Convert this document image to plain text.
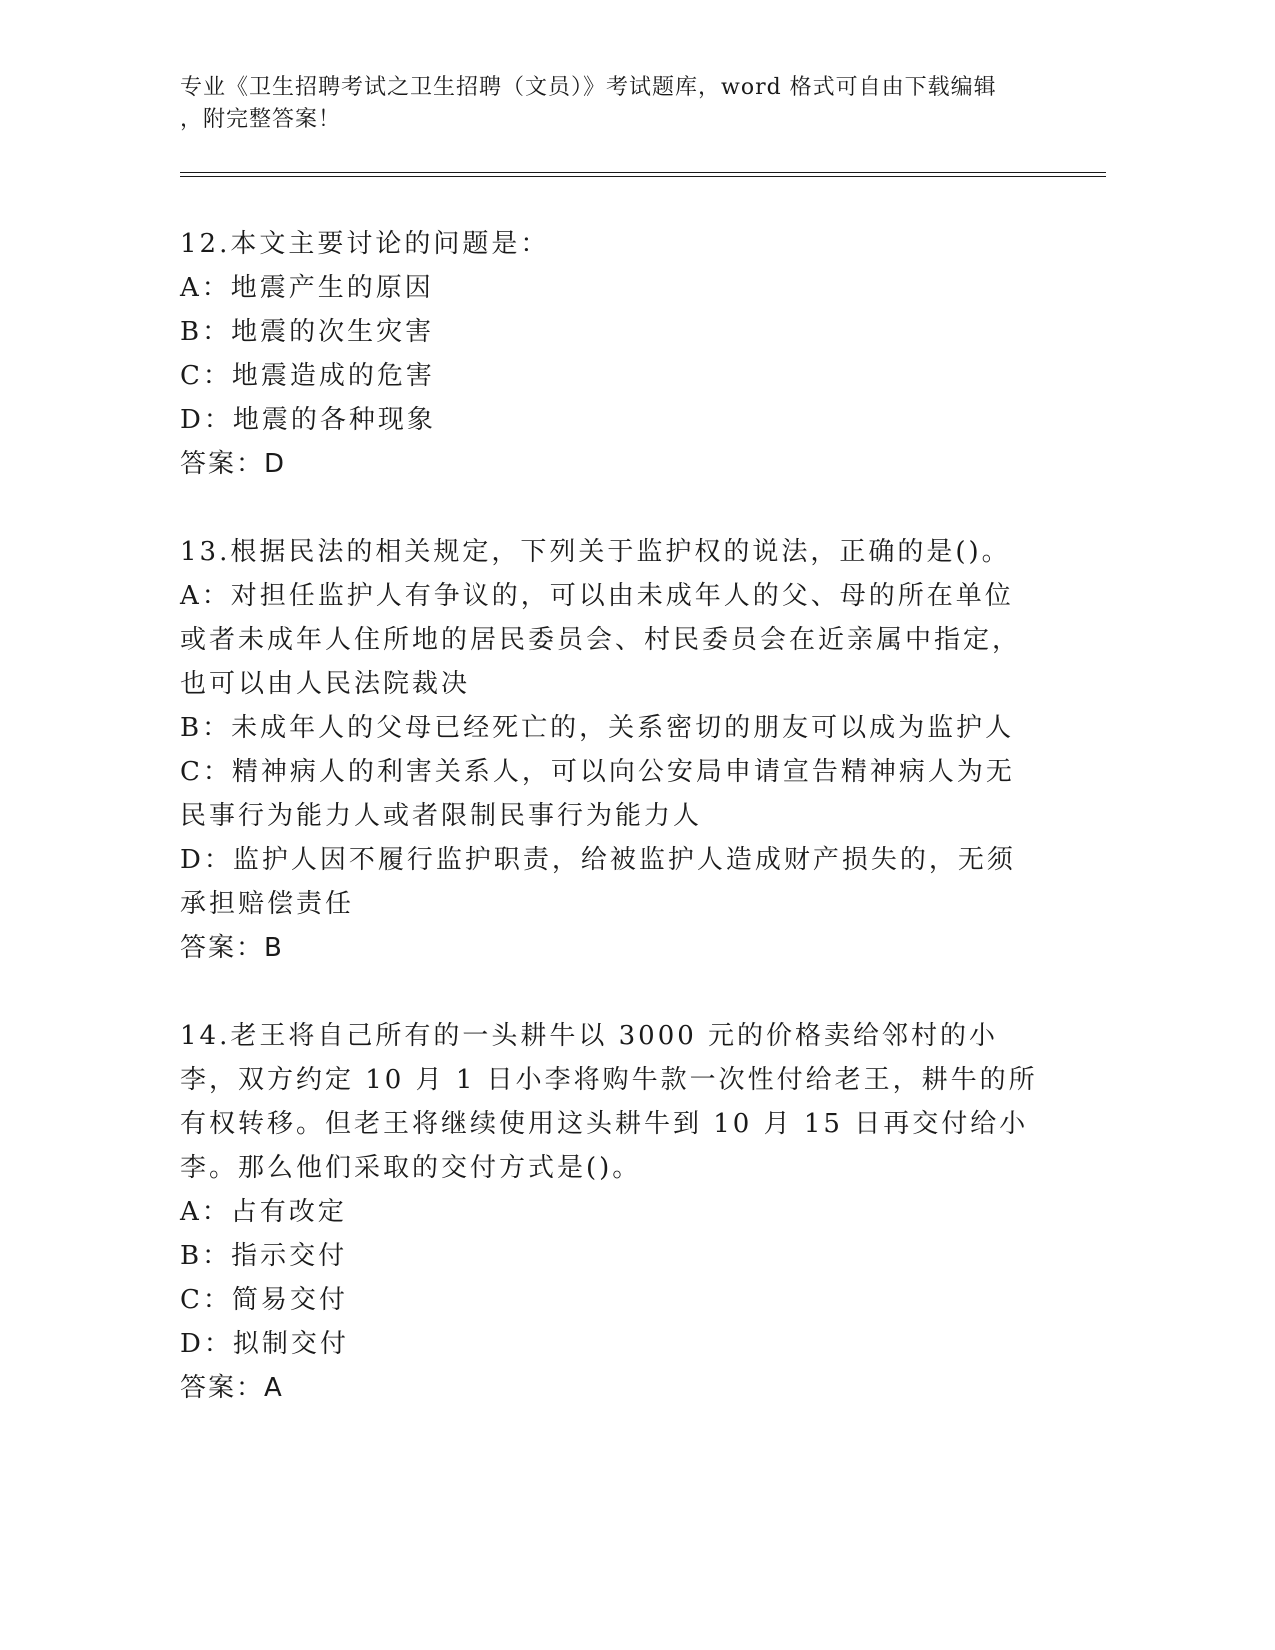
专业《卫生招聘考试之卫生招聘（文员）》考试题库，word 格式可自由下载编辑
，附完整答案！

12.本文主要讨论的问题是：

A：地震产生的原因

B：地震的次生灾害

C：地震造成的危害

D：地震的各种现象

答案：D

13.根据民法的相关规定，下列关于监护权的说法，正确的是()。

A：对担任监护人有争议的，可以由未成年人的父、母的所在单位或者未成年人住所地的居民委员会、村民委员会在近亲属中指定，也可以由人民法院裁决

B：未成年人的父母已经死亡的，关系密切的朋友可以成为监护人

C：精神病人的利害关系人，可以向公安局申请宣告精神病人为无民事行为能力人或者限制民事行为能力人

D：监护人因不履行监护职责，给被监护人造成财产损失的，无须承担赔偿责任

答案：B

14.老王将自己所有的一头耕牛以 3000 元的价格卖给邻村的小李，双方约定 10 月 1 日小李将购牛款一次性付给老王，耕牛的所有权转移。但老王将继续使用这头耕牛到 10 月 15 日再交付给小李。那么他们采取的交付方式是()。

A：占有改定

B：指示交付

C：简易交付

D：拟制交付

答案：A
